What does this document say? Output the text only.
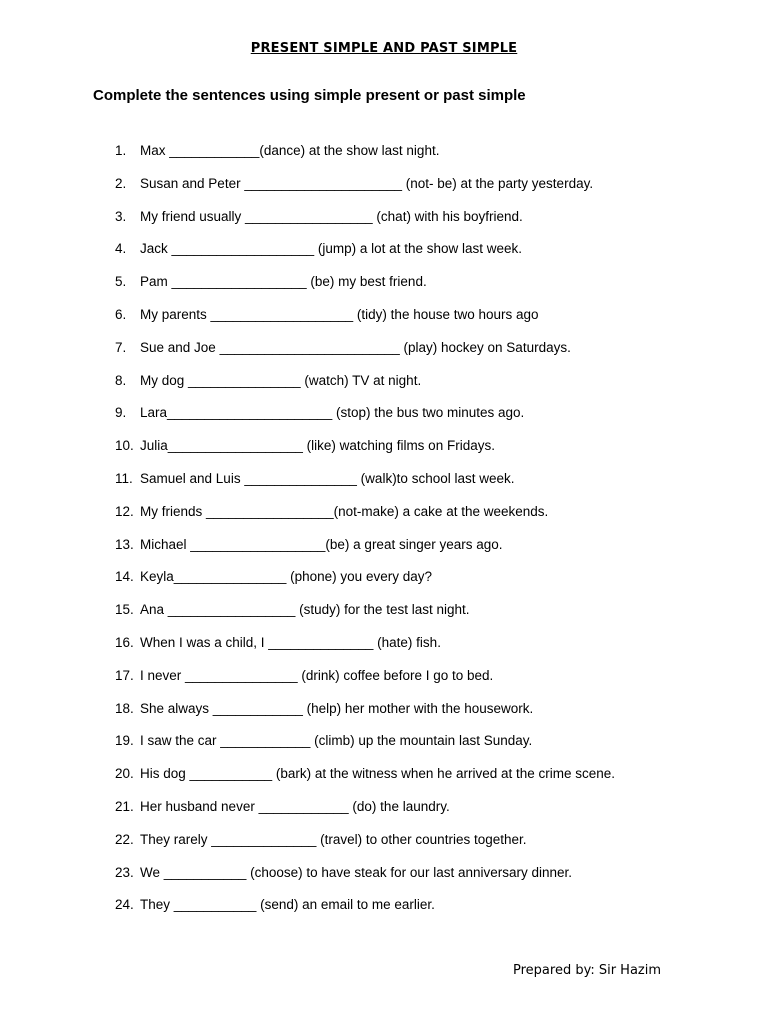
PRESENT SIMPLE AND PAST SIMPLE
Complete the sentences using simple present or past simple
1. Max ____________(dance) at the show last night.
2. Susan and Peter _____________________ (not- be) at the party yesterday.
3. My friend usually _________________ (chat) with his boyfriend.
4. Jack ___________________ (jump) a lot at the show last week.
5. Pam __________________ (be) my best friend.
6. My parents ___________________ (tidy) the house two hours ago
7. Sue and Joe ________________________ (play) hockey on Saturdays.
8. My dog _______________ (watch) TV at night.
9. Lara______________________ (stop) the bus two minutes ago.
10. Julia__________________ (like) watching films on Fridays.
11. Samuel and Luis _______________ (walk)to school last week.
12. My friends _________________(not-make) a cake at the weekends.
13. Michael __________________(be) a great singer years ago.
14. Keyla_______________ (phone) you every day?
15. Ana _________________ (study) for the test last night.
16. When I was a child, I ______________ (hate) fish.
17. I never _______________ (drink) coffee before I go to bed.
18. She always ____________ (help) her mother with the housework.
19. I saw the car ____________ (climb) up the mountain last Sunday.
20. His dog ___________ (bark) at the witness when he arrived at the crime scene.
21. Her husband never ____________ (do) the laundry.
22. They rarely ______________ (travel) to other countries together.
23. We ___________ (choose) to have steak for our last anniversary dinner.
24. They ___________ (send) an email to me earlier.
Prepared by: Sir Hazim
